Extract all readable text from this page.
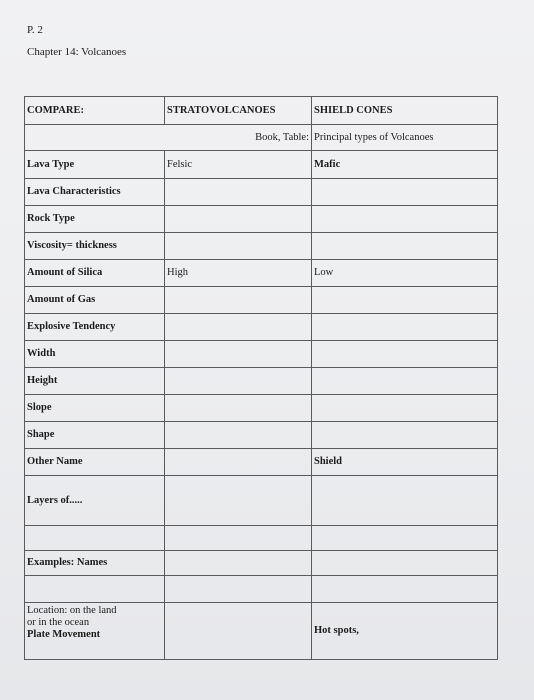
P. 2
Chapter 14: Volcanoes
COMPARE:	STRATOVOLCANOES	SHIELD CONES
Book, Table:		Principal types of Volcanoes
Lava Type	Felsic	Mafic
Lava Characteristics		
Rock Type		
Viscosity= thickness		
Amount of Silica	High	Low
Amount of Gas		
Explosive Tendency		
Width		
Height		
Slope		
Shape		
Other Name		Shield
Layers of.....		

Examples: Names		

Location: on the land
or in the ocean
Plate Movement		Hot spots,
